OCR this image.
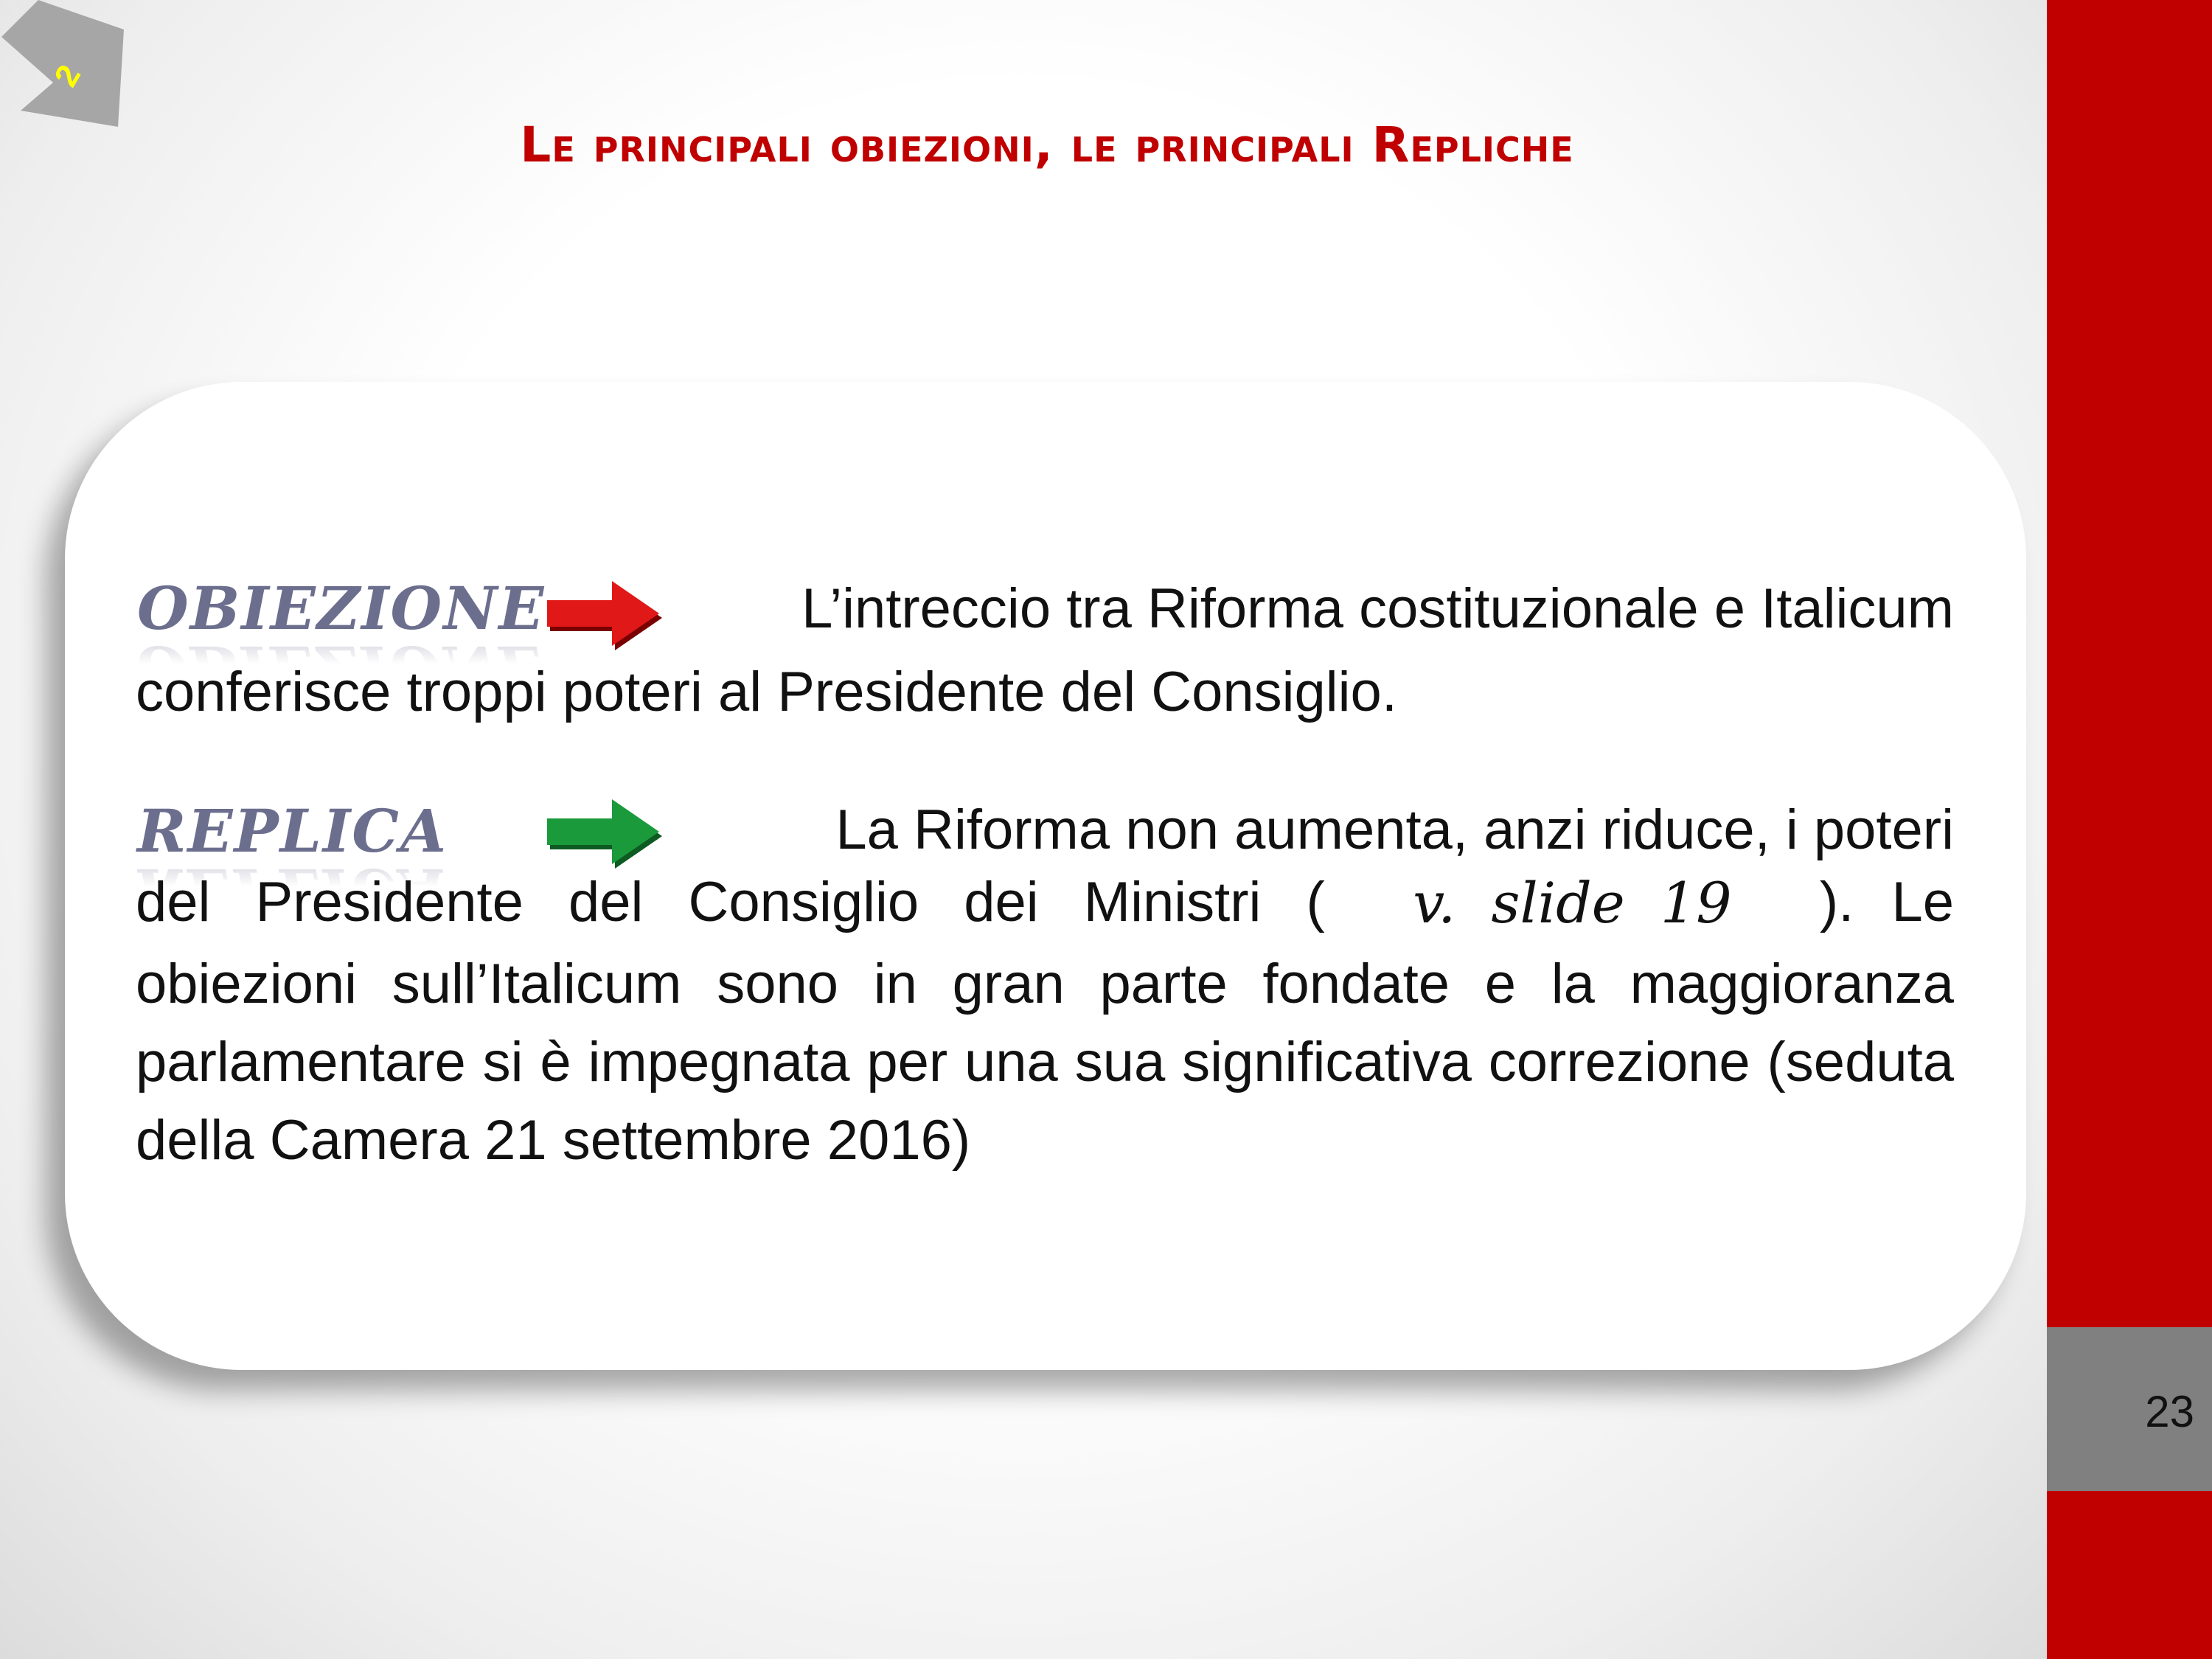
23
2
Le principali obiezioni, le principali Repliche
OBIEZIONE	L’intreccio tra Riforma costituzionale e Italicum
conferisce troppi poteri al Presidente del Consiglio.
REPLICA	La Riforma non aumenta, anzi riduce, i poteri
del Presidente del Consiglio dei Ministri ( v. slide 19 ). Le
obiezioni sull’Italicum sono in gran parte fondate e la maggioranza parlamentare si è impegnata per una sua significativa correzione (seduta della Camera 21 settembre 2016)
